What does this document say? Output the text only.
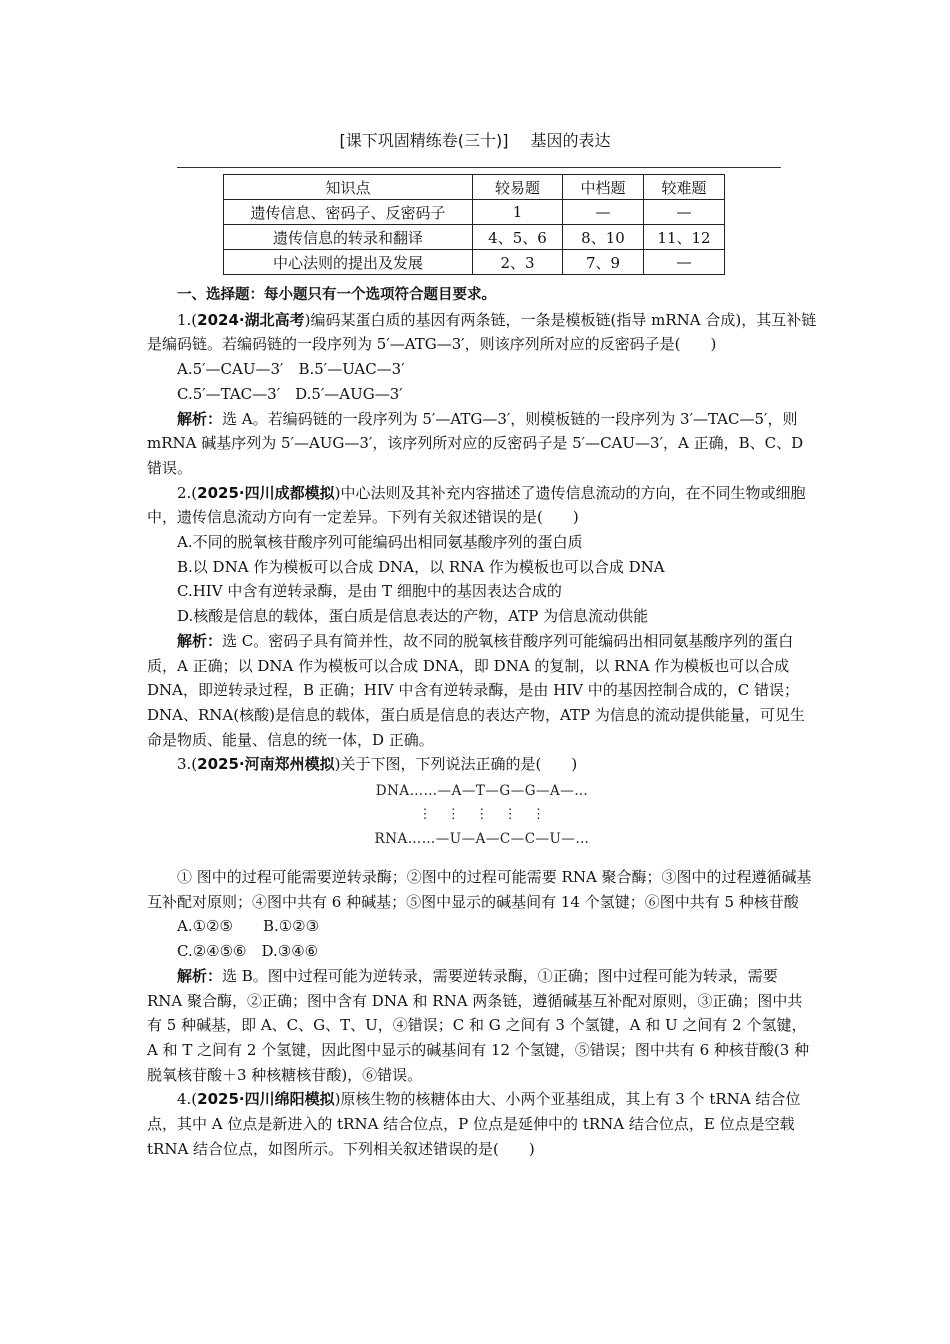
[课下巩固精练卷(三十)] 基因的表达
知识点	较易题	中档题	较难题
遗传信息、密码子、反密码子	1	—	—
遗传信息的转录和翻译	4、5、6	8、10	11、12
中心法则的提出及发展	2、3	7、9	—

一、选择题：每小题只有一个选项符合题目要求。

1.(2024·湖北高考)编码某蛋白质的基因有两条链，一条是模板链(指导 mRNA 合成)，其互补链是编码链。若编码链的一段序列为 5′—ATG—3′，则该序列所对应的反密码子是(　　)

A.5′—CAU—3′　B.5′—UAC—3′

C.5′—TAC—3′　D.5′—AUG—3′

解析：选 A。若编码链的一段序列为 5′—ATG—3′，则模板链的一段序列为 3′—TAC—5′，则 mRNA 碱基序列为 5′—AUG—3′，该序列所对应的反密码子是 5′—CAU—3′，A 正确，B、C、D 错误。

2.(2025·四川成都模拟)中心法则及其补充内容描述了遗传信息流动的方向，在不同生物或细胞中，遗传信息流动方向有一定差异。下列有关叙述错误的是(　　)

A.不同的脱氧核苷酸序列可能编码出相同氨基酸序列的蛋白质

B.以 DNA 作为模板可以合成 DNA，以 RNA 作为模板也可以合成 DNA

C.HIV 中含有逆转录酶，是由 T 细胞中的基因表达合成的

D.核酸是信息的载体，蛋白质是信息表达的产物，ATP 为信息流动供能

解析：选 C。密码子具有简并性，故不同的脱氧核苷酸序列可能编码出相同氨基酸序列的蛋白质，A 正确；以 DNA 作为模板可以合成 DNA，即 DNA 的复制，以 RNA 作为模板也可以合成 DNA，即逆转录过程，B 正确；HIV 中含有逆转录酶，是由 HIV 中的基因控制合成的，C 错误；DNA、RNA(核酸)是信息的载体，蛋白质是信息的表达产物，ATP 为信息的流动提供能量，可见生命是物质、能量、信息的统一体，D 正确。

3.(2025·河南郑州模拟)关于下图，下列说法正确的是(　　)

DNA……—A—T—G—G—A—…
⋮   ⋮   ⋮   ⋮   ⋮
RNA……—U—A—C—C—U—…

① 图中的过程可能需要逆转录酶；②图中的过程可能需要 RNA 聚合酶；③图中的过程遵循碱基互补配对原则；④图中共有 6 种碱基；⑤图中显示的碱基间有 14 个氢键；⑥图中共有 5 种核苷酸

A.①②⑤　　B.①②③

C.②④⑤⑥　D.③④⑥

解析：选 B。图中过程可能为逆转录，需要逆转录酶，①正确；图中过程可能为转录，需要 RNA 聚合酶，②正确；图中含有 DNA 和 RNA 两条链，遵循碱基互补配对原则，③正确；图中共有 5 种碱基，即 A、C、G、T、U，④错误；C 和 G 之间有 3 个氢键，A 和 U 之间有 2 个氢键，A 和 T 之间有 2 个氢键，因此图中显示的碱基间有 12 个氢键，⑤错误；图中共有 6 种核苷酸(3 种脱氧核苷酸＋3 种核糖核苷酸)，⑥错误。

4.(2025·四川绵阳模拟)原核生物的核糖体由大、小两个亚基组成，其上有 3 个 tRNA 结合位点，其中 A 位点是新进入的 tRNA 结合位点，P 位点是延伸中的 tRNA 结合位点，E 位点是空载 tRNA 结合位点，如图所示。下列相关叙述错误的是(　　)
